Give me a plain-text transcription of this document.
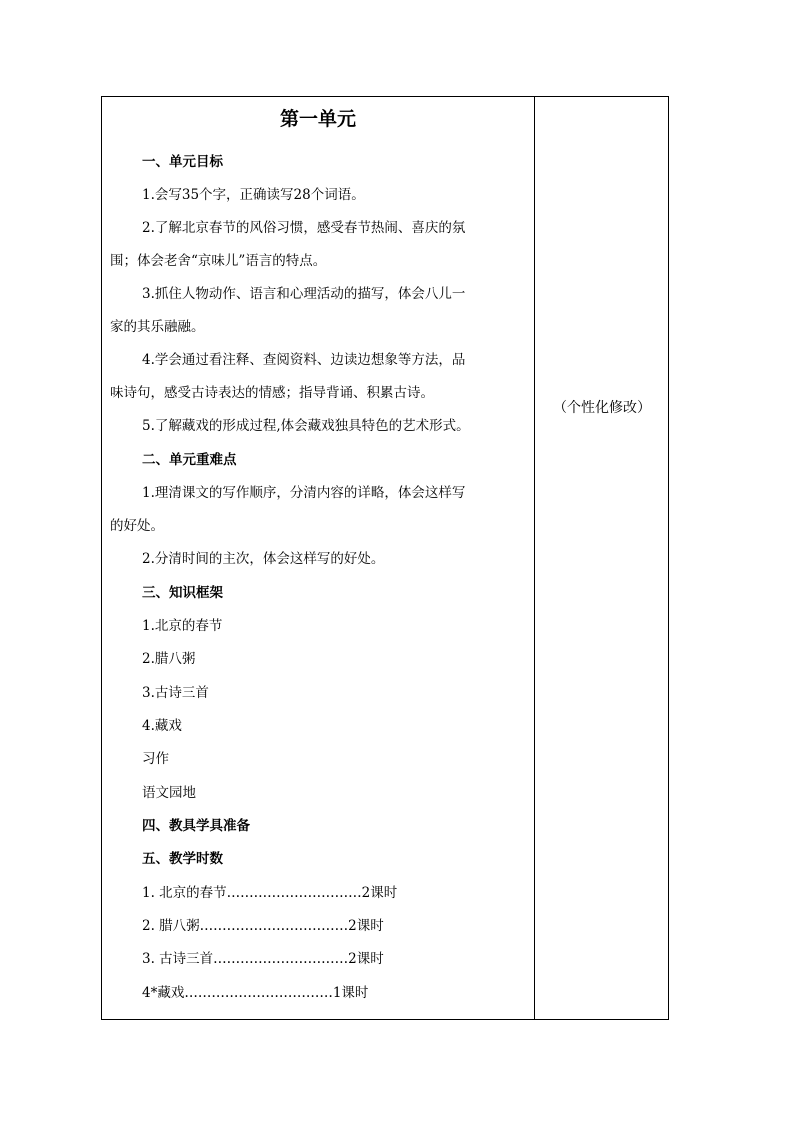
第一单元
一、单元目标
1.会写35个字，正确读写28个词语。
2.了解北京春节的风俗习惯，感受春节热闹、喜庆的氛
围；体会老舍“京味儿”语言的特点。
3.抓住人物动作、语言和心理活动的描写，体会八儿一
家的其乐融融。
4.学会通过看注释、查阅资料、边读边想象等方法，品
味诗句，感受古诗表达的情感；指导背诵、积累古诗。
5.了解藏戏的形成过程,体会藏戏独具特色的艺术形式。
二、单元重难点
1.理清课文的写作顺序，分清内容的详略，体会这样写
的好处。
2.分清时间的主次，体会这样写的好处。
三、知识框架
1.北京的春节
2.腊八粥
3.古诗三首
4.藏戏
习作
语文园地
四、教具学具准备
五、教学时数
1. 北京的春节…………………………2课时
2. 腊八粥……………………………2课时
3. 古诗三首…………………………2课时
4*藏戏……………………………1课时
（个性化修改）
